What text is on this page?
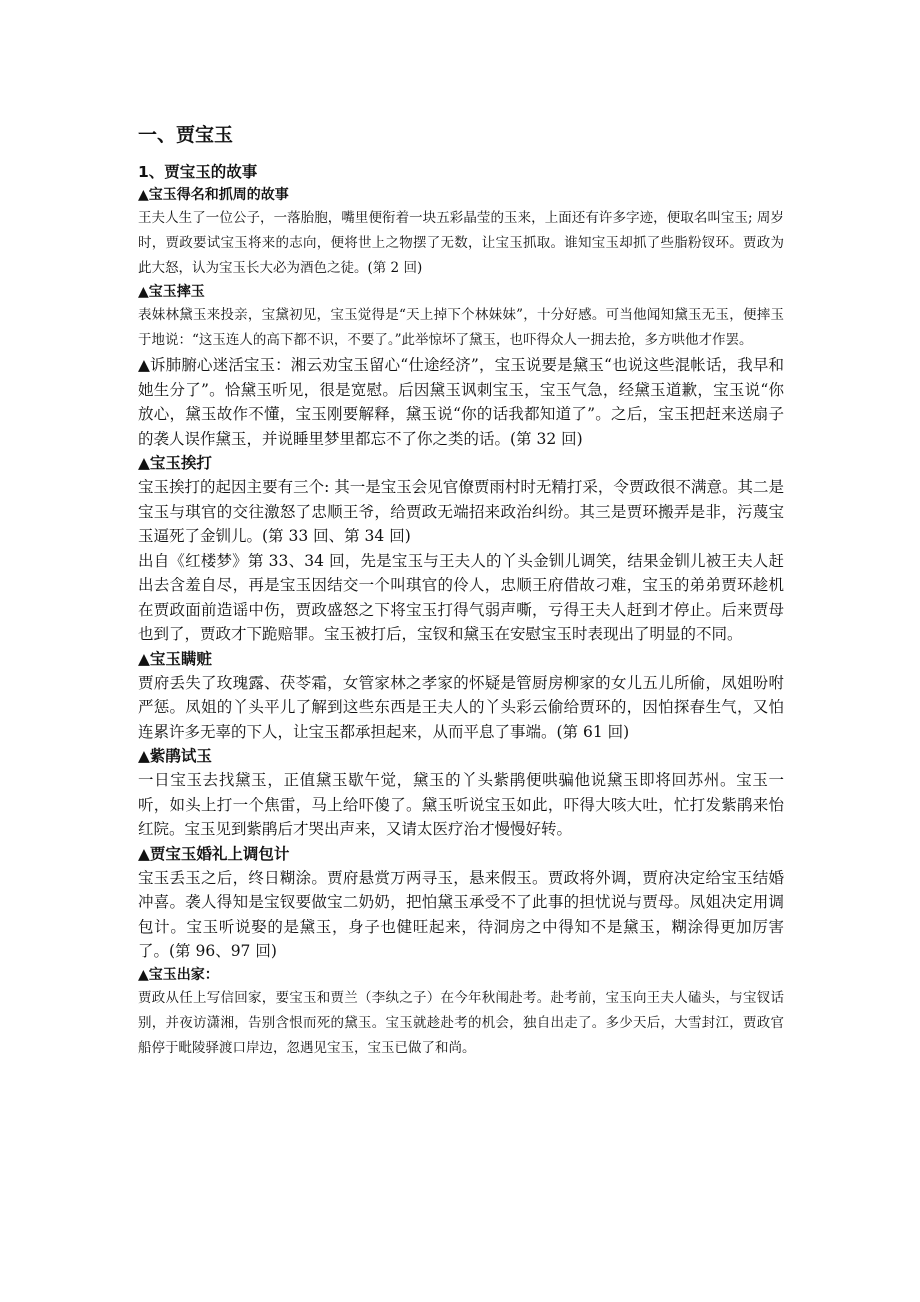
一、贾宝玉
1、贾宝玉的故事
▲宝玉得名和抓周的故事

王夫人生了一位公子，一落胎胞，嘴里便衔着一块五彩晶莹的玉来，上面还有许多字迹，便取名叫宝玉; 周岁时，贾政要试宝玉将来的志向，便将世上之物摆了无数，让宝玉抓取。谁知宝玉却抓了些脂粉钗环。贾政为此大怒，认为宝玉长大必为酒色之徒。(第 2 回)

▲宝玉摔玉

表妹林黛玉来投亲，宝黛初见，宝玉觉得是“天上掉下个林妹妹”，十分好感。可当他闻知黛玉无玉，便摔玉于地说：“这玉连人的高下都不识，不要了。”此举惊坏了黛玉，也吓得众人一拥去抢，多方哄他才作罢。

▲诉肺腑心迷活宝玉：湘云劝宝玉留心“仕途经济”，宝玉说要是黛玉“也说这些混帐话，我早和她生分了”。恰黛玉听见，很是宽慰。后因黛玉讽刺宝玉，宝玉气急，经黛玉道歉，宝玉说“你放心，黛玉故作不懂，宝玉刚要解释，黛玉说“你的话我都知道了”。之后，宝玉把赶来送扇子的袭人误作黛玉，并说睡里梦里都忘不了你之类的话。(第 32 回)

▲宝玉挨打

宝玉挨打的起因主要有三个: 其一是宝玉会见官僚贾雨村时无精打采，令贾政很不满意。其二是宝玉与琪官的交往激怒了忠顺王爷，给贾政无端招来政治纠纷。其三是贾环搬弄是非，污蔑宝玉逼死了金钏儿。(第 33 回、第 34 回)

出自《红楼梦》第 33、34 回，先是宝玉与王夫人的丫头金钏儿调笑，结果金钏儿被王夫人赶出去含羞自尽，再是宝玉因结交一个叫琪官的伶人，忠顺王府借故刁难，宝玉的弟弟贾环趁机在贾政面前造谣中伤，贾政盛怒之下将宝玉打得气弱声嘶，亏得王夫人赶到才停止。后来贾母也到了，贾政才下跪赔罪。宝玉被打后，宝钗和黛玉在安慰宝玉时表现出了明显的不同。

▲宝玉瞒赃

贾府丢失了玫瑰露、茯苓霜，女管家林之孝家的怀疑是管厨房柳家的女儿五儿所偷，凤姐吩咐严惩。凤姐的丫头平儿了解到这些东西是王夫人的丫头彩云偷给贾环的，因怕探春生气，又怕连累许多无辜的下人，让宝玉都承担起来，从而平息了事端。(第 61 回)

▲紫鹃试玉

一日宝玉去找黛玉，正值黛玉歇午觉，黛玉的丫头紫鹃便哄骗他说黛玉即将回苏州。宝玉一听，如头上打一个焦雷，马上给吓傻了。黛玉听说宝玉如此，吓得大咳大吐，忙打发紫鹃来怡红院。宝玉见到紫鹃后才哭出声来，又请太医疗治才慢慢好转。

▲贾宝玉婚礼上调包计

宝玉丢玉之后，终日糊涂。贾府悬赏万两寻玉，悬来假玉。贾政将外调，贾府决定给宝玉结婚冲喜。袭人得知是宝钗要做宝二奶奶，把怕黛玉承受不了此事的担忧说与贾母。凤姐决定用调包计。宝玉听说娶的是黛玉，身子也健旺起来，待洞房之中得知不是黛玉，糊涂得更加厉害了。(第 96、97 回)

▲宝玉出家：

贾政从任上写信回家，要宝玉和贾兰（李纨之子）在今年秋闱赴考。赴考前，宝玉向王夫人磕头，与宝钗话别，并夜访潇湘，告别含恨而死的黛玉。宝玉就趁赴考的机会，独自出走了。多少天后，大雪封江，贾政官船停于毗陵驿渡口岸边，忽遇见宝玉，宝玉已做了和尚。
